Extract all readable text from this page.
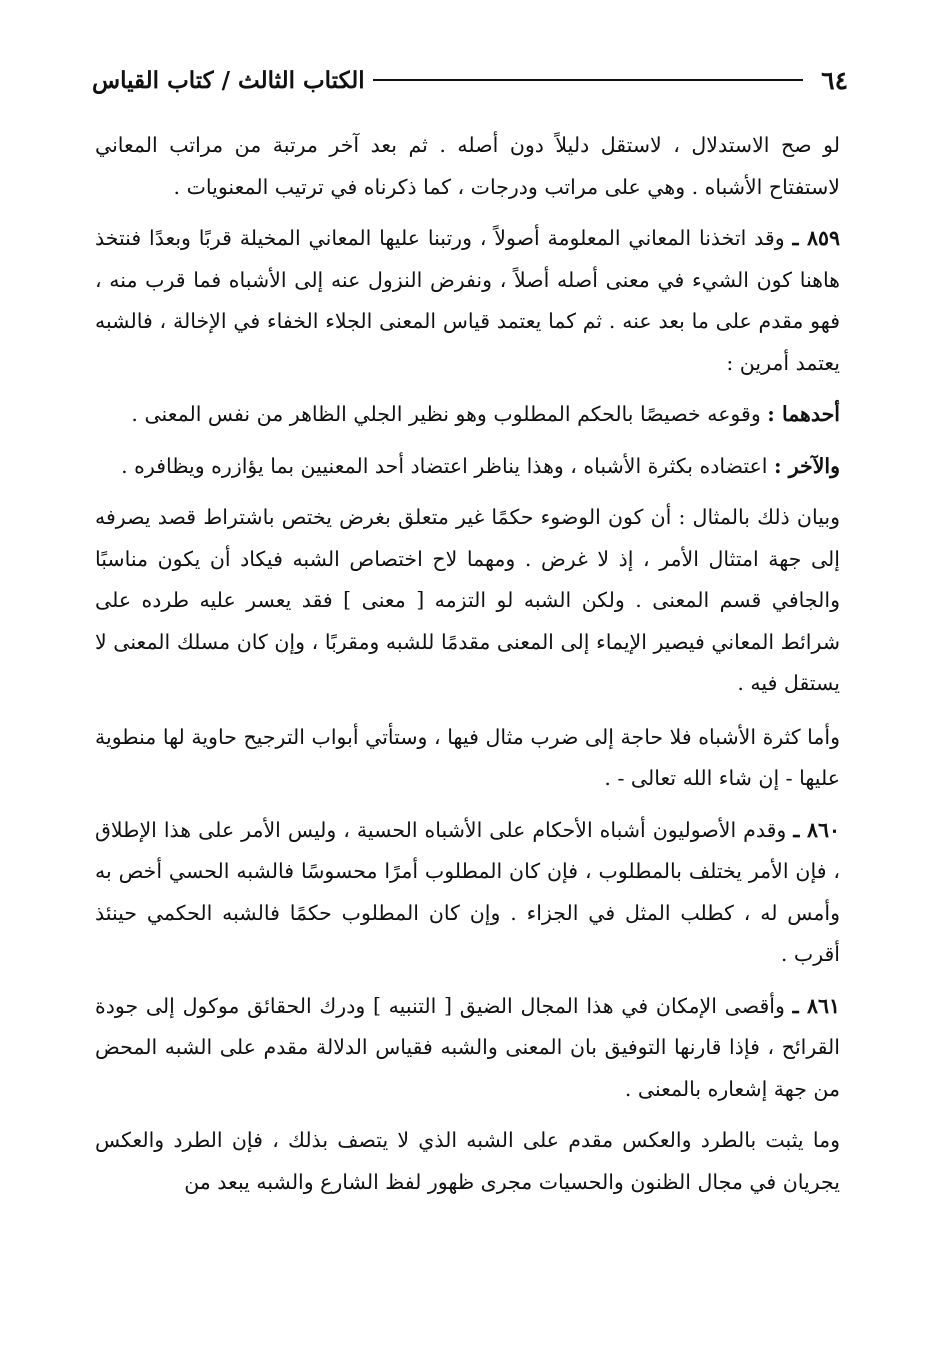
٦٤
الكتاب الثالث / كتاب القياس

لو صح الاستدلال ، لاستقل دليلاً دون أصله . ثم بعد آخر مرتبة من مراتب المعاني لاستفتاح الأشباه . وهي على مراتب ودرجات ، كما ذكرناه في ترتيب المعنويات .

٨٥٩ ـ وقد اتخذنا المعاني المعلومة أصولاً ، ورتبنا عليها المعاني المخيلة قربًا وبعدًا فنتخذ هاهنا كون الشيء في معنى أصله أصلاً ، ونفرض النزول عنه إلى الأشباه فما قرب منه ، فهو مقدم على ما بعد عنه . ثم كما يعتمد قياس المعنى الجلاء الخفاء في الإخالة ، فالشبه يعتمد أمرين :

أحدهما : وقوعه خصيصًا بالحكم المطلوب وهو نظير الجلي الظاهر من نفس المعنى .

والآخر : اعتضاده بكثرة الأشباه ، وهذا يناظر اعتضاد أحد المعنيين بما يؤازره ويظافره .

وبيان ذلك بالمثال : أن كون الوضوء حكمًا غير متعلق بغرض يختص باشتراط قصد يصرفه إلى جهة امتثال الأمر ، إذ لا غرض . ومهما لاح اختصاص الشبه فيكاد أن يكون مناسبًا والجافي قسم المعنى . ولكن الشبه لو التزمه [ معنى ] فقد يعسر عليه طرده على شرائط المعاني فيصير الإيماء إلى المعنى مقدمًا للشبه ومقربًا ، وإن كان مسلك المعنى لا يستقل فيه .

وأما كثرة الأشباه فلا حاجة إلى ضرب مثال فيها ، وستأتي أبواب الترجيح حاوية لها منطوية عليها - إن شاء الله تعالى - .

٨٦٠ ـ وقدم الأصوليون أشباه الأحكام على الأشباه الحسية ، وليس الأمر على هذا الإطلاق ، فإن الأمر يختلف بالمطلوب ، فإن كان المطلوب أمرًا محسوسًا فالشبه الحسي أخص به وأمس له ، كطلب المثل في الجزاء . وإن كان المطلوب حكمًا فالشبه الحكمي حينئذ أقرب .

٨٦١ ـ وأقصى الإمكان في هذا المجال الضيق [ التنبيه ] ودرك الحقائق موكول إلى جودة القرائح ، فإذا قارنها التوفيق بان المعنى والشبه فقياس الدلالة مقدم على الشبه المحض من جهة إشعاره بالمعنى .

وما يثبت بالطرد والعكس مقدم على الشبه الذي لا يتصف بذلك ، فإن الطرد والعكس يجريان في مجال الظنون والحسيات مجرى ظهور لفظ الشارع والشبه يبعد من
